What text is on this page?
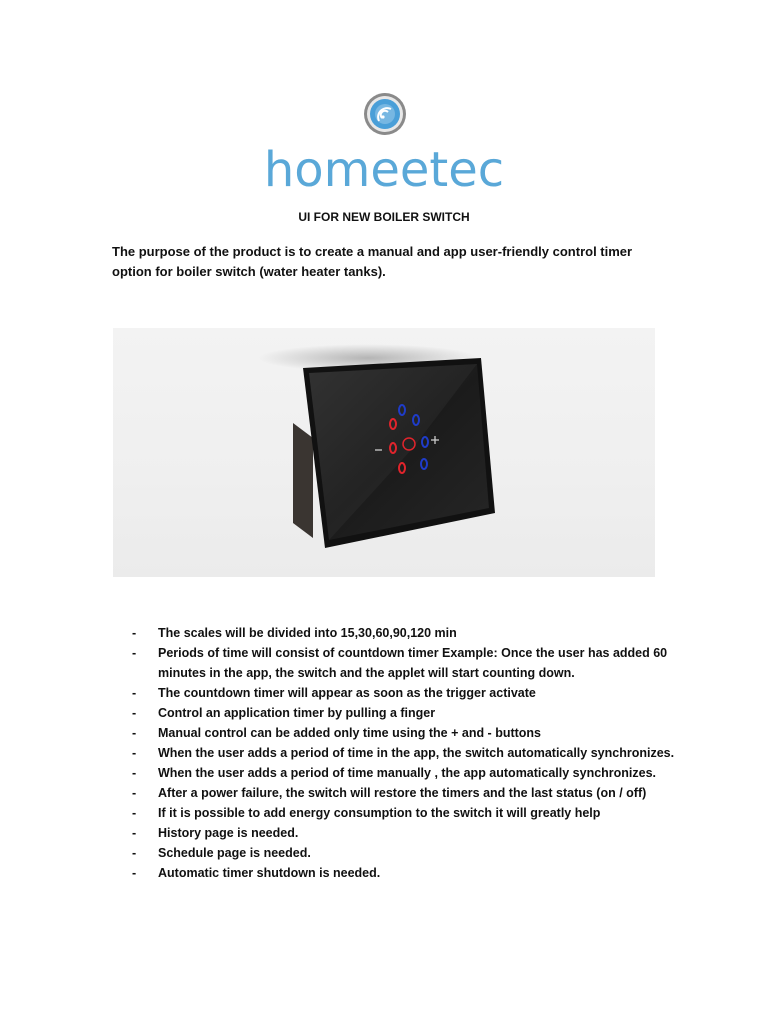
homeetec
UI FOR NEW BOILER SWITCH
The purpose of the product is to create a manual and app user-friendly control timer option for boiler switch (water heater tanks).
- The scales will be divided into 15,30,60,90,120 min
- Periods of time will consist of countdown timer Example: Once the user has added 60 minutes in the app, the switch and the applet will start counting down.
- The countdown timer will appear as soon as the trigger activate
- Control an application timer by pulling a finger
- Manual control can be added only time using the + and - buttons
- When the user adds a period of time in the app, the switch automatically synchronizes.
- When the user adds a period of time manually , the app automatically synchronizes.
- After a power failure, the switch will restore the timers and the last status (on / off)
- If it is possible to add energy consumption to the switch it will greatly help
- History page is needed.
- Schedule page is needed.
- Automatic timer shutdown is needed.
